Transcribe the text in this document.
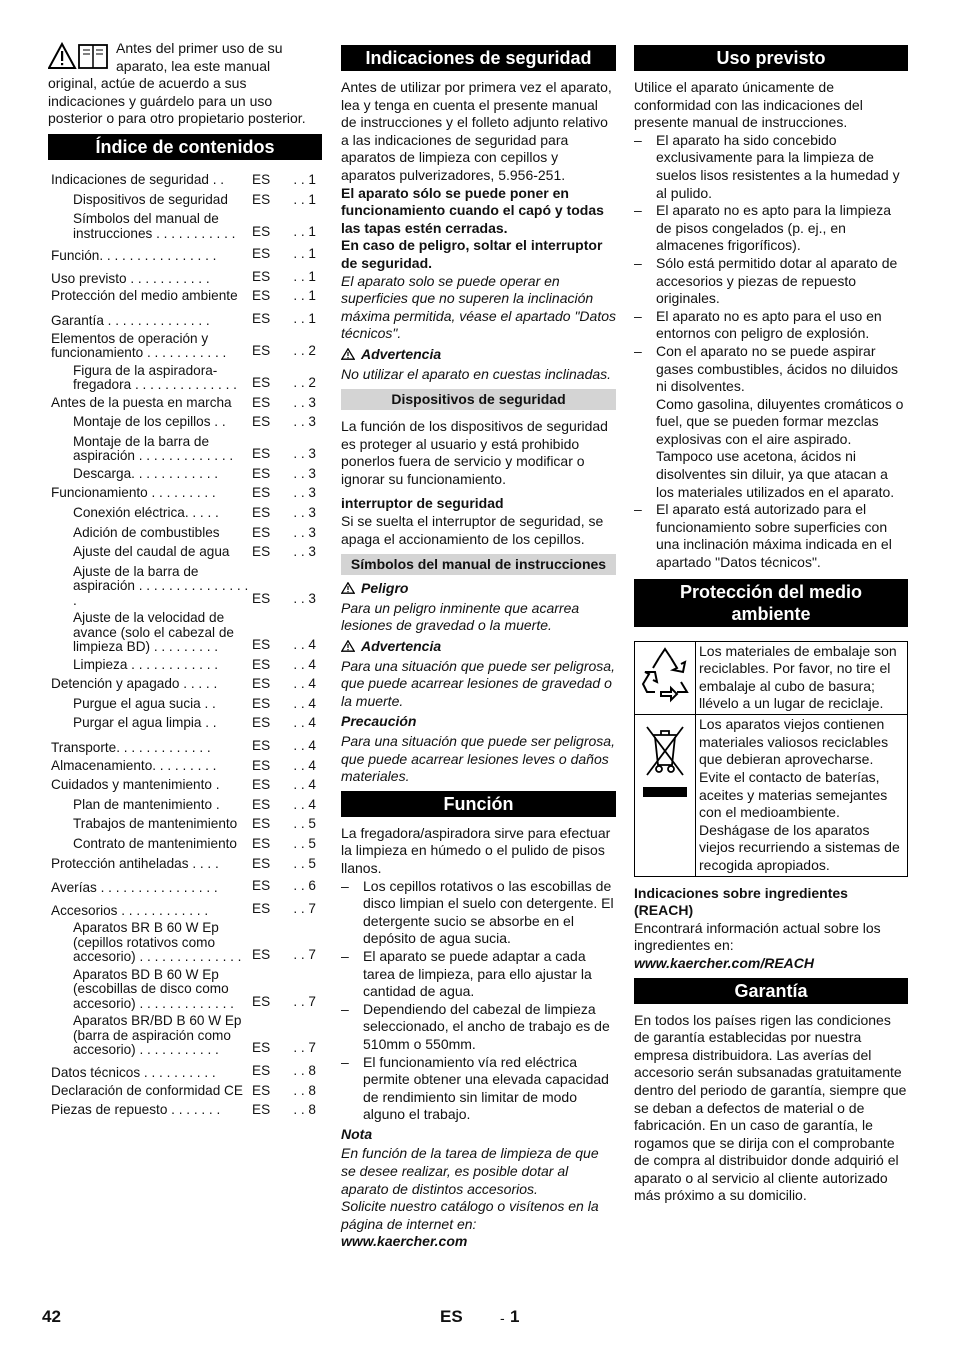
Antes del primer uso de su aparato, lea este manual original, actúe de acuerdo a sus indicaciones y guárdelo para un uso posterior o para otro propietario posterior.

Índice de contenidos
Indicaciones de seguridad . .	ES	. . 1
Dispositivos de seguridad	ES	. . 1
Símbolos del manual de instrucciones . . . . . . . . . . .	ES	. . 1
Función. . . . . . . . . . . . . . . .	ES	. . 1
Uso previsto . . . . . . . . . . .	ES	. . 1
Protección del medio ambiente	ES	. . 1
Garantía . . . . . . . . . . . . . .	ES	. . 1
Elementos de operación y funcionamiento . . . . . . . . . . .	ES	. . 2
Figura de la aspiradora-fregadora . . . . . . . . . . . . . .	ES	. . 2
Antes de la puesta en marcha	ES	. . 3
Montaje de los cepillos . .	ES	. . 3
Montaje de la barra de aspiración . . . . . . . . . . . . .	ES	. . 3
Descarga. . . . . . . . . . . .	ES	. . 3
Funcionamiento . . . . . . . . .	ES	. . 3
Conexión eléctrica. . . . .	ES	. . 3
Adición de combustibles	ES	. . 3
Ajuste del caudal de agua	ES	. . 3
Ajuste de la barra de aspiración . . . . . . . . . . . . . . . .	ES	. . 3
Ajuste de la velocidad de avance (solo el cabezal de limpieza BD) . . . . . . . . .	ES	. . 4
Limpieza . . . . . . . . . . . .	ES	. . 4
Detención y apagado . . . . .	ES	. . 4
Purgue el agua sucia . .	ES	. . 4
Purgar el agua limpia . .	ES	. . 4
Transporte. . . . . . . . . . . . .	ES	. . 4
Almacenamiento. . . . . . . . .	ES	. . 4
Cuidados y mantenimiento .	ES	. . 4
Plan de mantenimiento .	ES	. . 4
Trabajos de mantenimiento	ES	. . 5
Contrato de mantenimiento	ES	. . 5
Protección antiheladas . . . .	ES	. . 5
Averías . . . . . . . . . . . . . . . .	ES	. . 6
Accesorios . . . . . . . . . . . .	ES	. . 7
Aparatos BR B 60 W Ep (cepillos rotativos como accesorio) . . . . . . . . . . . . . . ES	. . 7
Aparatos BD B 60 W Ep (escobillas de disco como accesorio) . . . . . . . . . . . . .	ES	. . 7
Aparatos BR/BD B 60 W Ep (barra de aspiración como accesorio) . . . . . . . . . . .	ES	. . 7
Datos técnicos . . . . . . . . . .	ES	. . 8
Declaración de conformidad CE ES	. . 8
Piezas de repuesto . . . . . . .	ES	. . 8
Indicaciones de seguridad

Antes de utilizar por primera vez el aparato, lea y tenga en cuenta el presente manual de instrucciones y el folleto adjunto relativo a las indicaciones de seguridad para aparatos de limpieza con cepillos y aparatos pulverizadores, 5.956-251.

El aparato sólo se puede poner en funcionamiento cuando el capó y todas las tapas estén cerradas.

En caso de peligro, soltar el interruptor de seguridad.

El aparato solo se puede operar en superficies que no superen la inclinación máxima permitida, véase el apartado "Datos técnicos".

Advertencia

No utilizar el aparato en cuestas inclinadas.

Dispositivos de seguridad

La función de los dispositivos de seguridad es proteger al usuario y está prohibido ponerlos fuera de servicio y modificar o ignorar su funcionamiento.

interruptor de seguridad

Si se suelta el interruptor de seguridad, se apaga el accionamiento de los cepillos.

Símbolos del manual de instrucciones

Peligro

Para un peligro inminente que acarrea lesiones de gravedad o la muerte.

Advertencia

Para una situación que puede ser peligrosa, que puede acarrear lesiones de gravedad o la muerte.

Precaución

Para una situación que puede ser peligrosa, que puede acarrear lesiones leves o daños materiales.

Función

La fregadora/aspiradora sirve para efectuar la limpieza en húmedo o el pulido de pisos llanos.

– Los cepillos rotativos o las escobillas de disco limpian el suelo con detergente. El detergente sucio se absorbe en el depósito de agua sucia.
– El aparato se puede adaptar a cada tarea de limpieza, para ello ajustar la cantidad de agua.
– Dependiendo del cabezal de limpieza seleccionado, el ancho de trabajo es de 510mm o 550mm.
– El funcionamiento vía red eléctrica permite obtener una elevada capacidad de rendimiento sin limitar de modo alguno el trabajo.

Nota

En función de la tarea de limpieza de que se desee realizar, es posible dotar al aparato de distintos accesorios.

Solicite nuestro catálogo o visítenos en la página de internet en:

www.kaercher.com

Uso previsto

Utilice el aparato únicamente de conformidad con las indicaciones del presente manual de instrucciones.

– El aparato ha sido concebido exclusivamente para la limpieza de suelos lisos resistentes a la humedad y al pulido.
– El aparato no es apto para la limpieza de pisos congelados (p. ej., en almacenes frigoríficos).
– Sólo está permitido dotar al aparato de accesorios y piezas de repuesto originales.
– El aparato no es apto para el uso en entornos con peligro de explosión.
– Con el aparato no se puede aspirar gases combustibles, ácidos no diluidos ni disolventes.

Como gasolina, diluyentes cromáticos o fuel, que se pueden formar mezclas explosivas con el aire aspirado. Tampoco use acetona, ácidos ni disolventes sin diluir, ya que atacan a los materiales utilizados en el aparato.

– El aparato está autorizado para el funcionamiento sobre superficies con una inclinación máxima indicada en el apartado "Datos técnicos".
Protección del medio ambiente
	Los materiales de embalaje son reciclables. Por favor, no tire el embalaje al cubo de basura; llévelo a un lugar de reciclaje.
	Los aparatos viejos contienen materiales valiosos reciclables que debieran aprovecharse. Evite el contacto de baterías, aceites y materias semejantes con el medioambiente. Deshágase de los aparatos viejos recurriendo a sistemas de recogida apropiados.

Indicaciones sobre ingredientes (REACH)

Encontrará información actual sobre los ingredientes en:

www.kaercher.com/REACH

Garantía

En todos los países rigen las condiciones de garantía establecidas por nuestra empresa distribuidora. Las averías del accesorio serán subsanadas gratuitamente dentro del periodo de garantía, siempre que se deban a defectos de material o de fabricación. En un caso de garantía, le rogamos que se dirija con el comprobante de compra al distribuidor donde adquirió el aparato o al servicio al cliente autorizado más próximo a su domicilio.

42	ES	- 1
